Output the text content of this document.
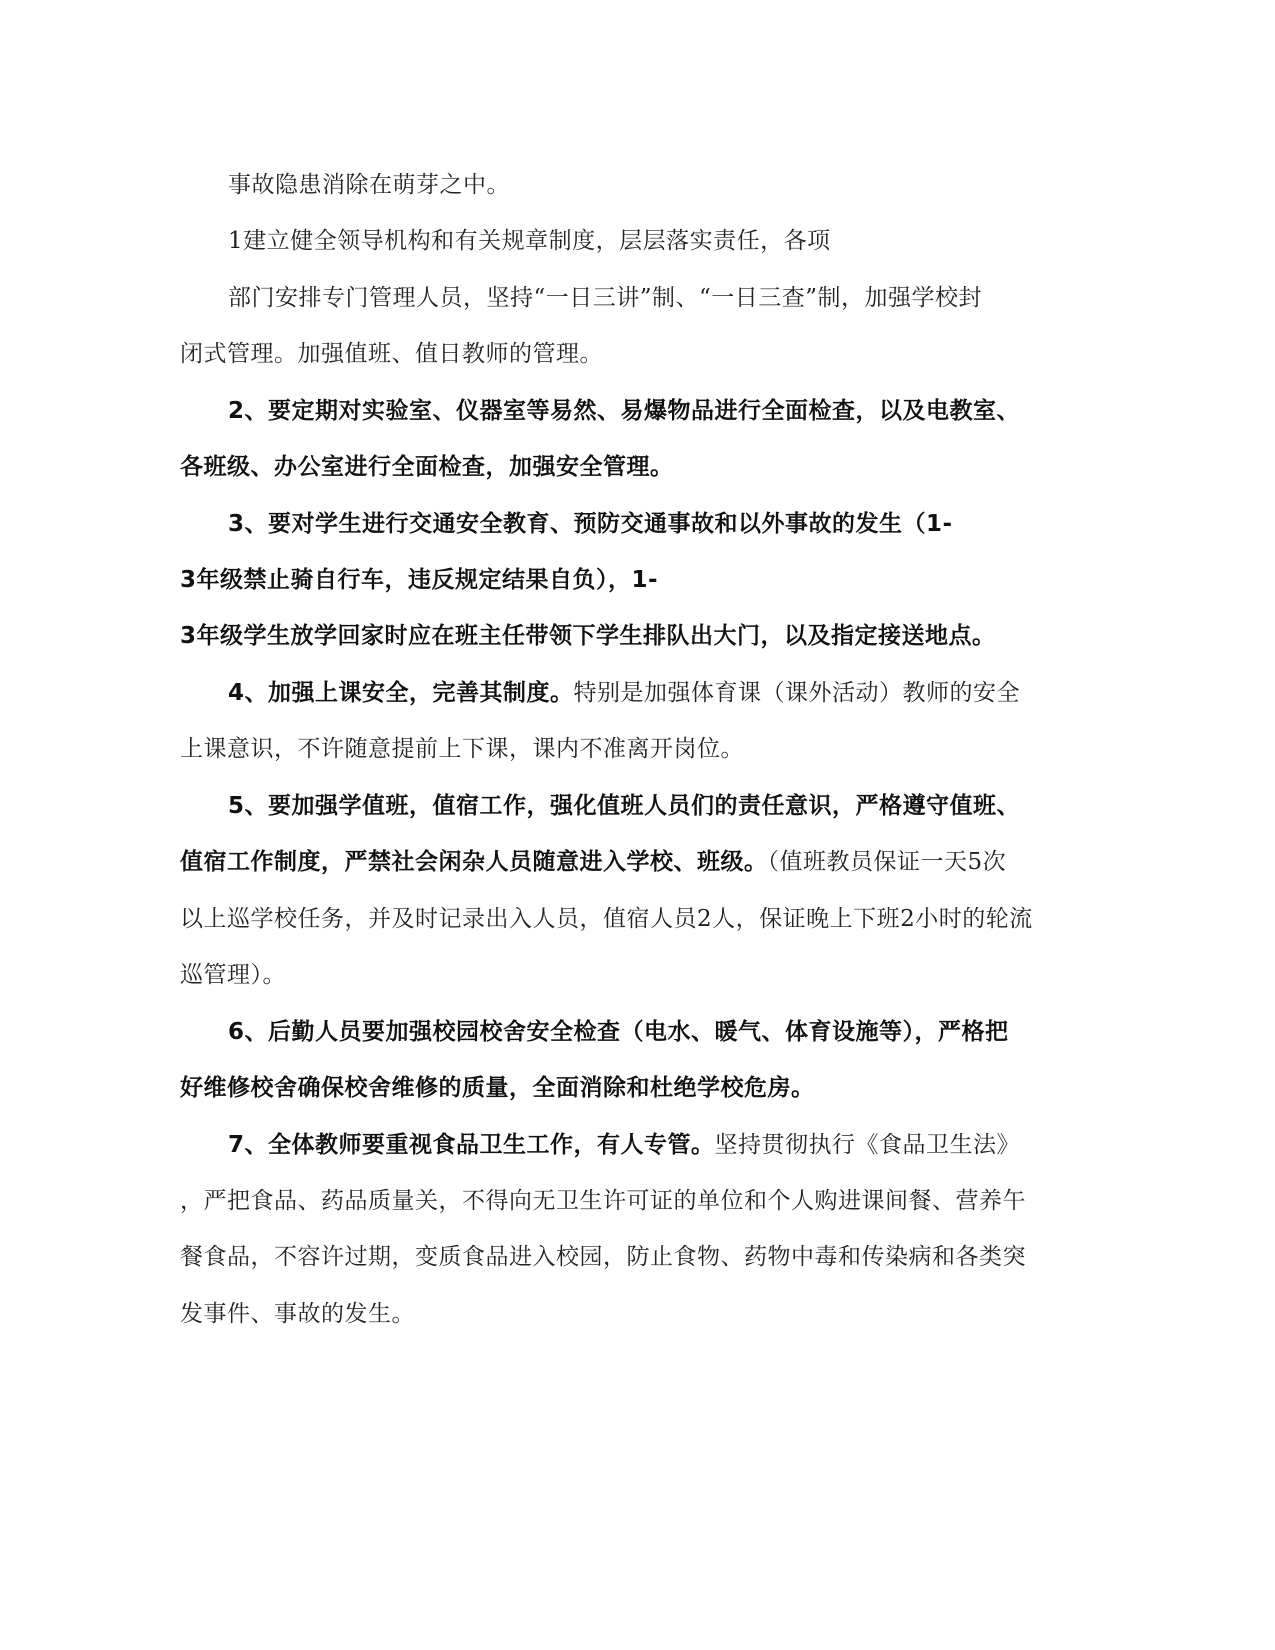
事故隐患消除在萌芽之中。
1建立健全领导机构和有关规章制度，层层落实责任，各项
部门安排专门管理人员，坚持“一日三讲”制、“一日三查”制，加强学校封
闭式管理。加强值班、值日教师的管理。
2、要定期对实验室、仪器室等易然、易爆物品进行全面检查，以及电教室、
各班级、办公室进行全面检查，加强安全管理。
3、要对学生进行交通安全教育、预防交通事故和以外事故的发生（1-
3年级禁止骑自行车，违反规定结果自负），1-
3年级学生放学回家时应在班主任带领下学生排队出大门，以及指定接送地点。
4、加强上课安全，完善其制度。特别是加强体育课（课外活动）教师的安全
上课意识，不许随意提前上下课，课内不准离开岗位。
5、要加强学值班，值宿工作，强化值班人员们的责任意识，严格遵守值班、
值宿工作制度，严禁社会闲杂人员随意进入学校、班级。（值班教员保证一天5次
以上巡学校任务，并及时记录出入人员，值宿人员2人，保证晚上下班2小时的轮流
巡管理）。
6、后勤人员要加强校园校舍安全检查（电水、暖气、体育设施等），严格把
好维修校舍确保校舍维修的质量，全面消除和杜绝学校危房。
7、全体教师要重视食品卫生工作，有人专管。坚持贯彻执行《食品卫生法》
，严把食品、药品质量关，不得向无卫生许可证的单位和个人购进课间餐、营养午
餐食品，不容许过期，变质食品进入校园，防止食物、药物中毒和传染病和各类突
发事件、事故的发生。
